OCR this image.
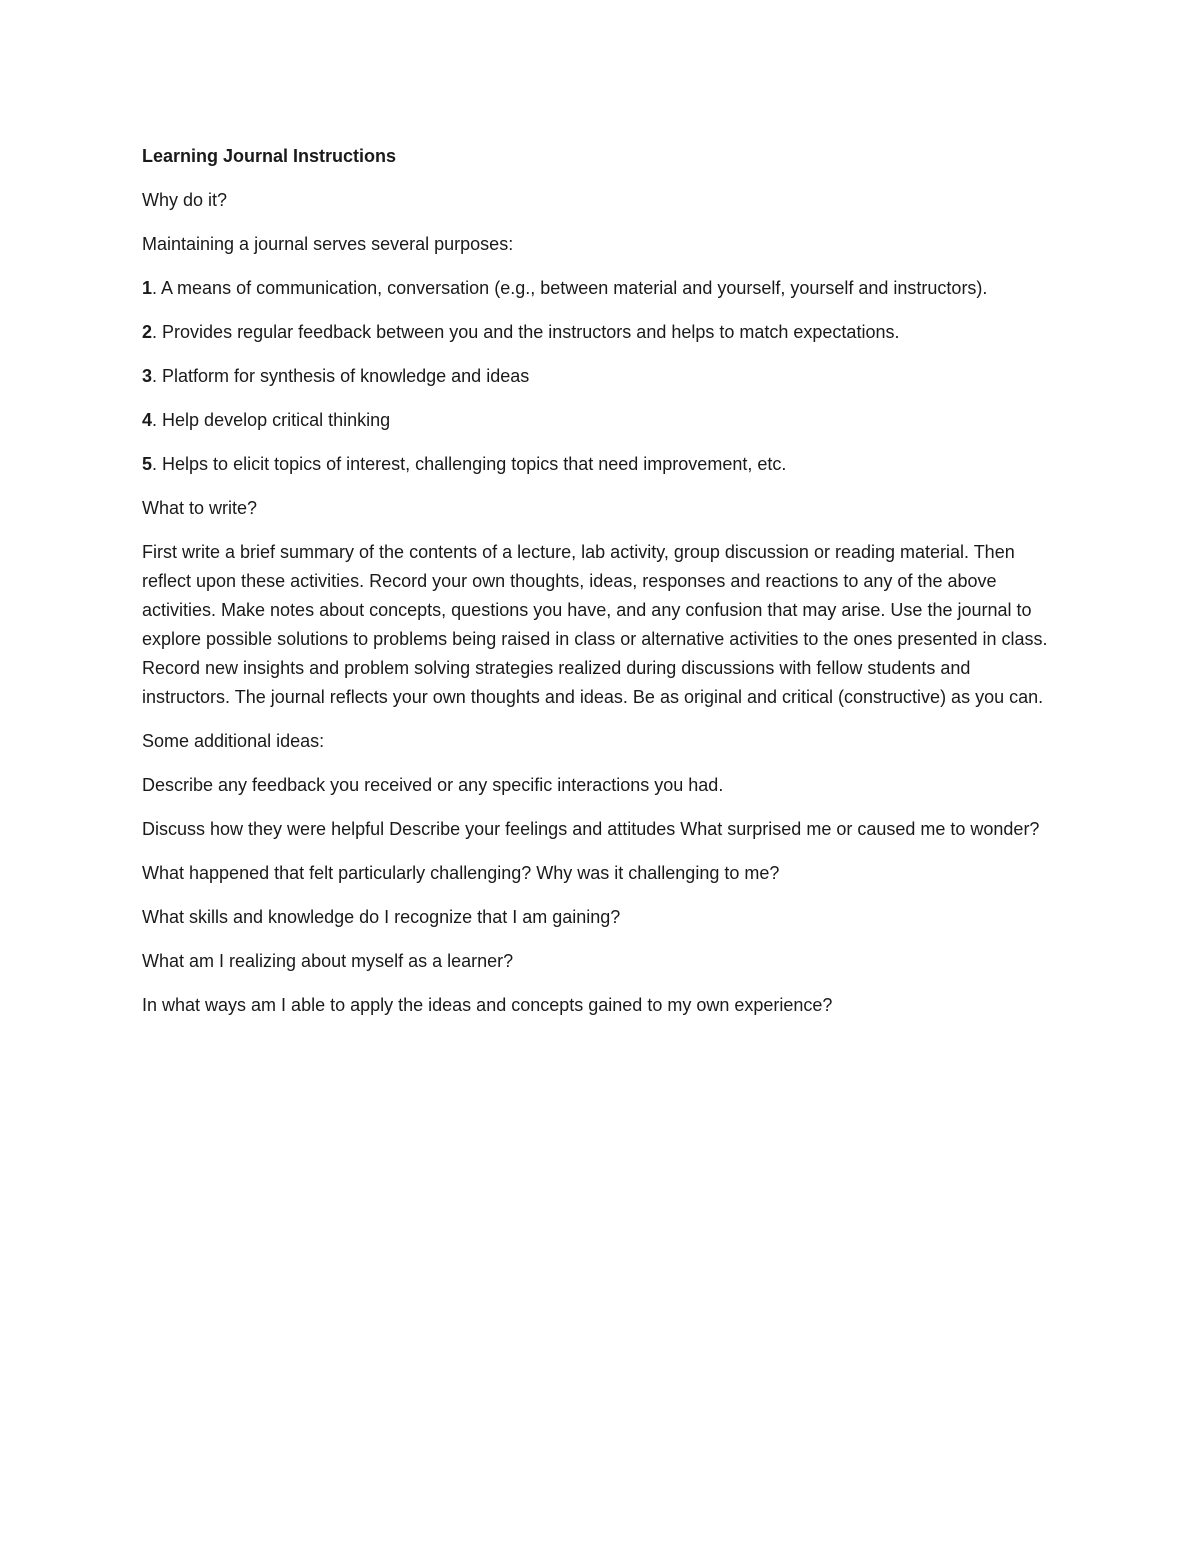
Learning Journal Instructions

Why do it?

Maintaining a journal serves several purposes:

1. A means of communication, conversation (e.g., between material and yourself, yourself and instructors).

2. Provides regular feedback between you and the instructors and helps to match expectations.

3. Platform for synthesis of knowledge and ideas

4. Help develop critical thinking

5. Helps to elicit topics of interest, challenging topics that need improvement, etc.

What to write?

First write a brief summary of the contents of a lecture, lab activity, group discussion or reading material. Then reflect upon these activities. Record your own thoughts, ideas, responses and reactions to any of the above activities. Make notes about concepts, questions you have, and any confusion that may arise. Use the journal to explore possible solutions to problems being raised in class or alternative activities to the ones presented in class. Record new insights and problem solving strategies realized during discussions with fellow students and instructors. The journal reflects your own thoughts and ideas. Be as original and critical (constructive) as you can.

Some additional ideas:

Describe any feedback you received or any specific interactions you had.

Discuss how they were helpful Describe your feelings and attitudes What surprised me or caused me to wonder?

What happened that felt particularly challenging? Why was it challenging to me?

What skills and knowledge do I recognize that I am gaining?

What am I realizing about myself as a learner?

In what ways am I able to apply the ideas and concepts gained to my own experience?
